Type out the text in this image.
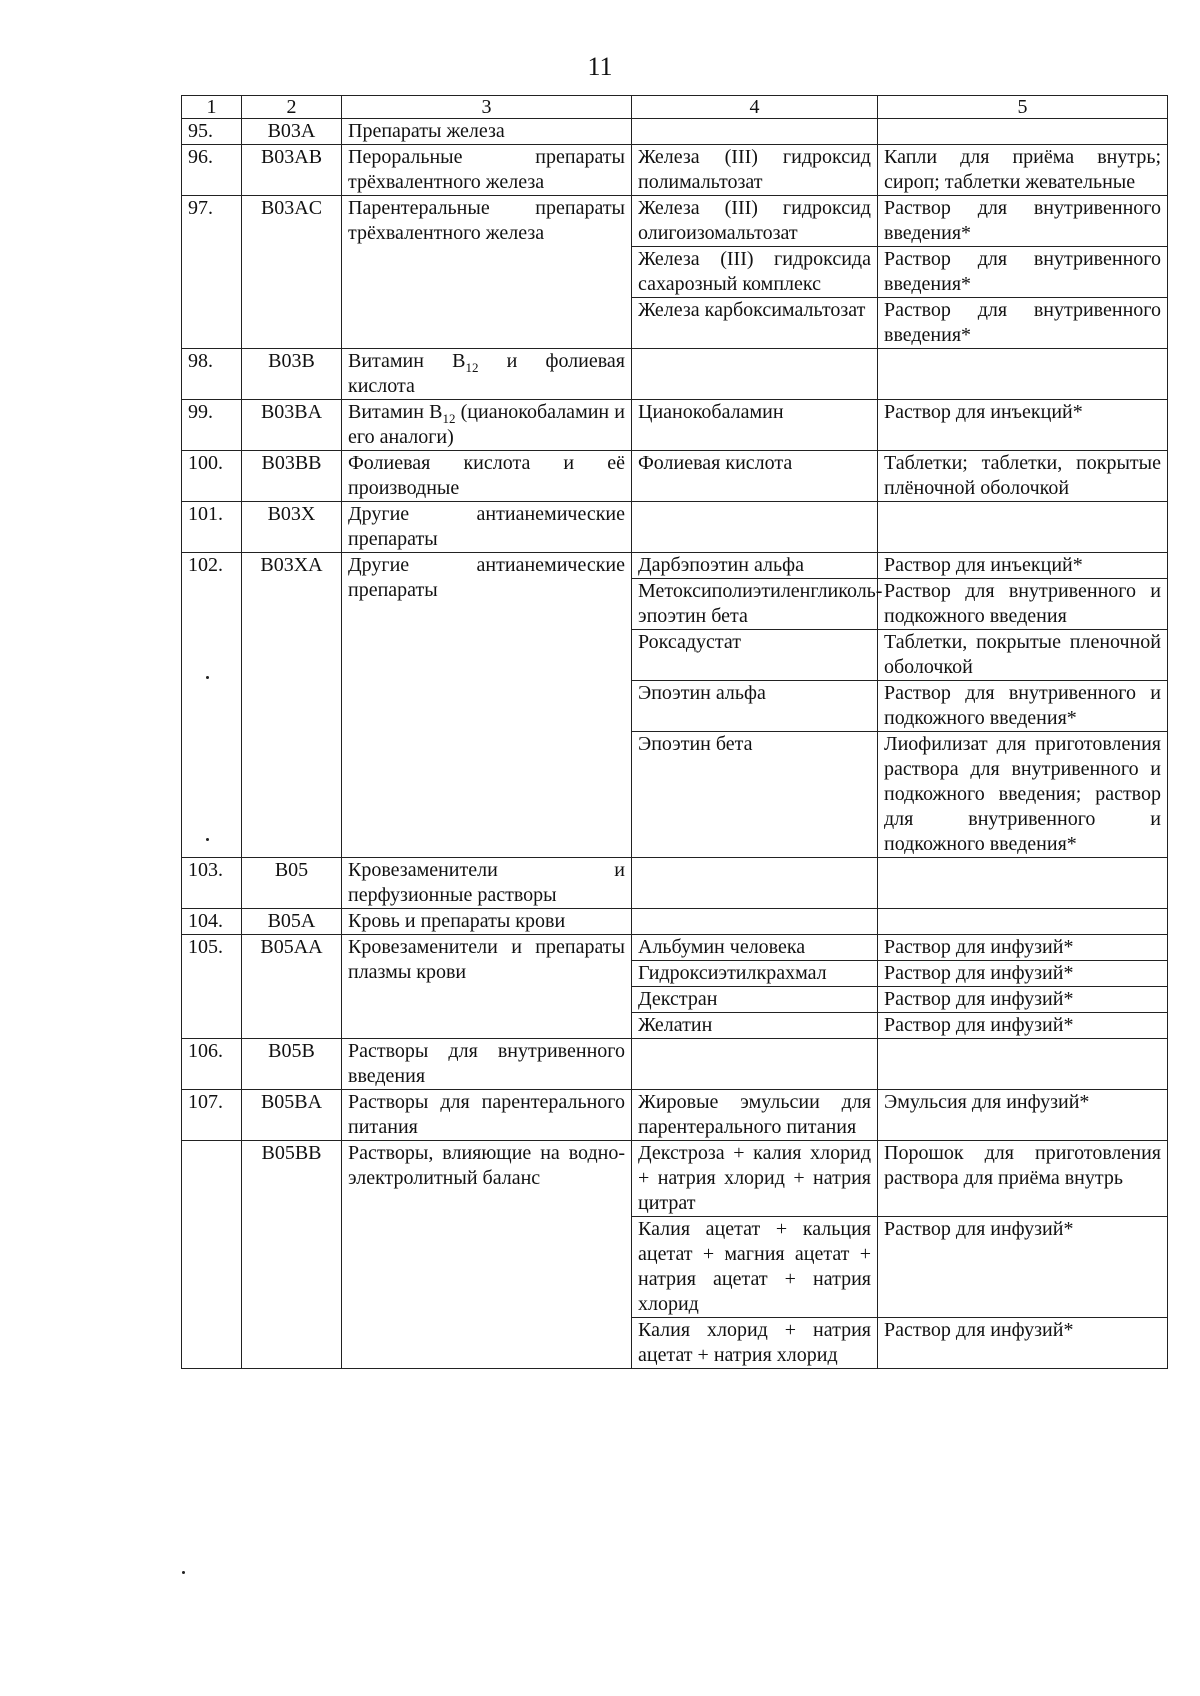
11
1	2	3	4	5
95.	B03A	Препараты железа		
96.	B03AB	Пероральные препараты трёхвалентного железа	Железа (III) гидроксид полимальтозат	Капли для приёма внутрь; сироп; таблетки жевательные
97.	B03AC	Парентеральные препараты трёхвалентного железа	Железа (III) гидроксид олигоизомальтозат	Раствор для внутривенного введения*
			Железа (III) гидроксида сахарозный комплекс	Раствор для внутривенного введения*
			Железа карбоксимальтозат	Раствор для внутривенного введения*
98.	B03B	Витамин $B_{12}$ и фолиевая кислота		
99.	B03BA	Витамин $B_{12}$ (цианокобаламин и его аналоги)	Цианокобаламин	Раствор для инъекций*
100.	B03BB	Фолиевая кислота и её производные	Фолиевая кислота	Таблетки; таблетки, покрытые плёночной оболочкой
101.	B03X	Другие антианемические препараты		
102.	B03XA	Другие антианемические препараты	Дарбэпоэтин альфа	Раствор для инъекций*
			Метоксиполиэтиленгликоль-эпоэтин бета	Раствор для внутривенного и подкожного введения
			Роксадустат	Таблетки, покрытые пленочной оболочкой
			Эпоэтин альфа	Раствор для внутривенного и подкожного введения*
			Эпоэтин бета	Лиофилизат для приготовления раствора для внутривенного и подкожного введения; раствор для внутривенного и подкожного введения*
103.	B05	Кровезаменители и перфузионные растворы		
104.	B05A	Кровь и препараты крови		
105.	B05AA	Кровезаменители и препараты плазмы крови	Альбумин человека	Раствор для инфузий*
			Гидроксиэтилкрахмал	Раствор для инфузий*
			Декстран	Раствор для инфузий*
			Желатин	Раствор для инфузий*
106.	B05B	Растворы для внутривенного введения		
107.	B05BA	Растворы для парентерального питания	Жировые эмульсии для парентерального питания	Эмульсия для инфузий*
	B05BB	Растворы, влияющие на водно-электролитный баланс	Декстроза + калия хлорид + натрия хлорид + натрия цитрат	Порошок для приготовления раствора для приёма внутрь
			Калия ацетат + кальция ацетат + магния ацетат + натрия ацетат + натрия хлорид	Раствор для инфузий*
			Калия хлорид + натрия ацетат + натрия хлорид	Раствор для инфузий*
